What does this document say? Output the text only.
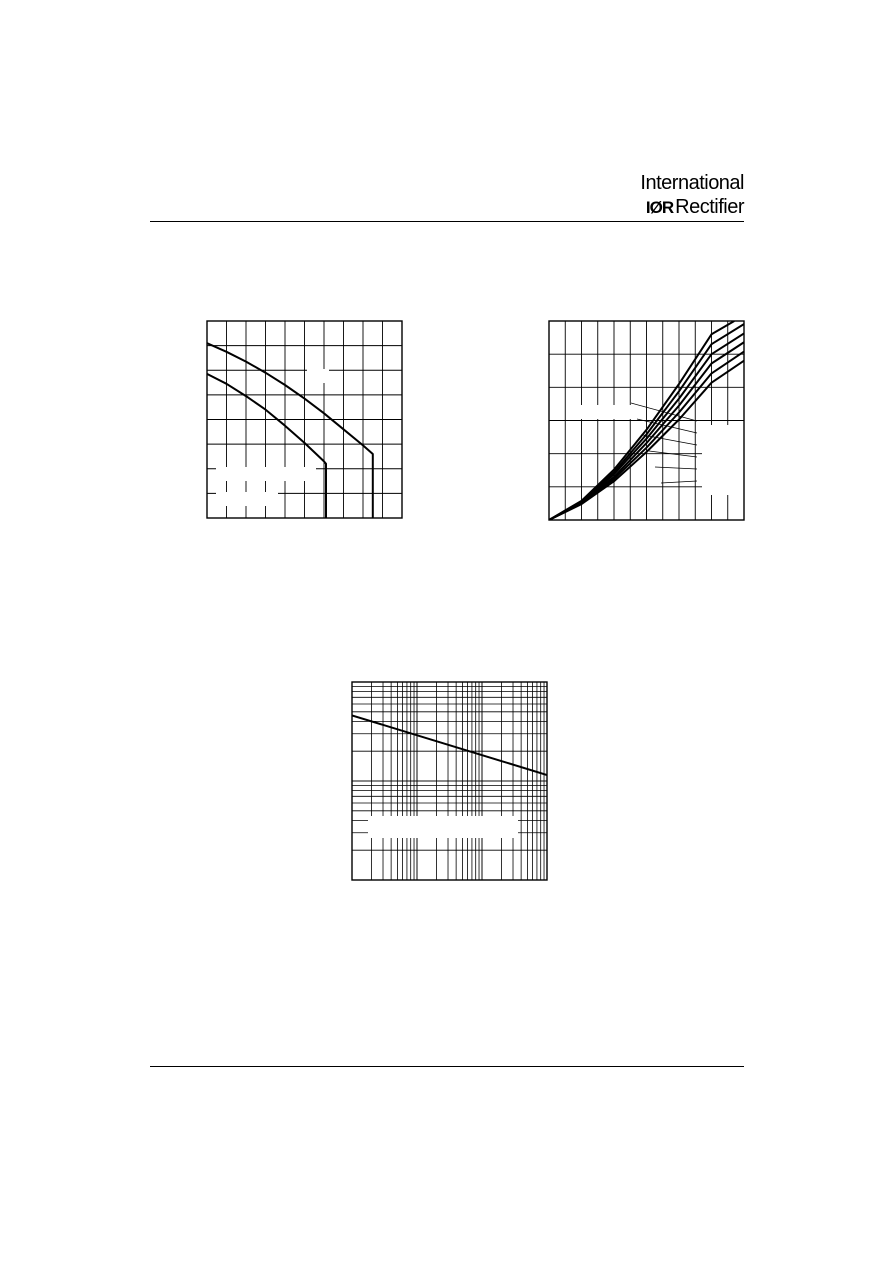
International
IØR Rectifier
